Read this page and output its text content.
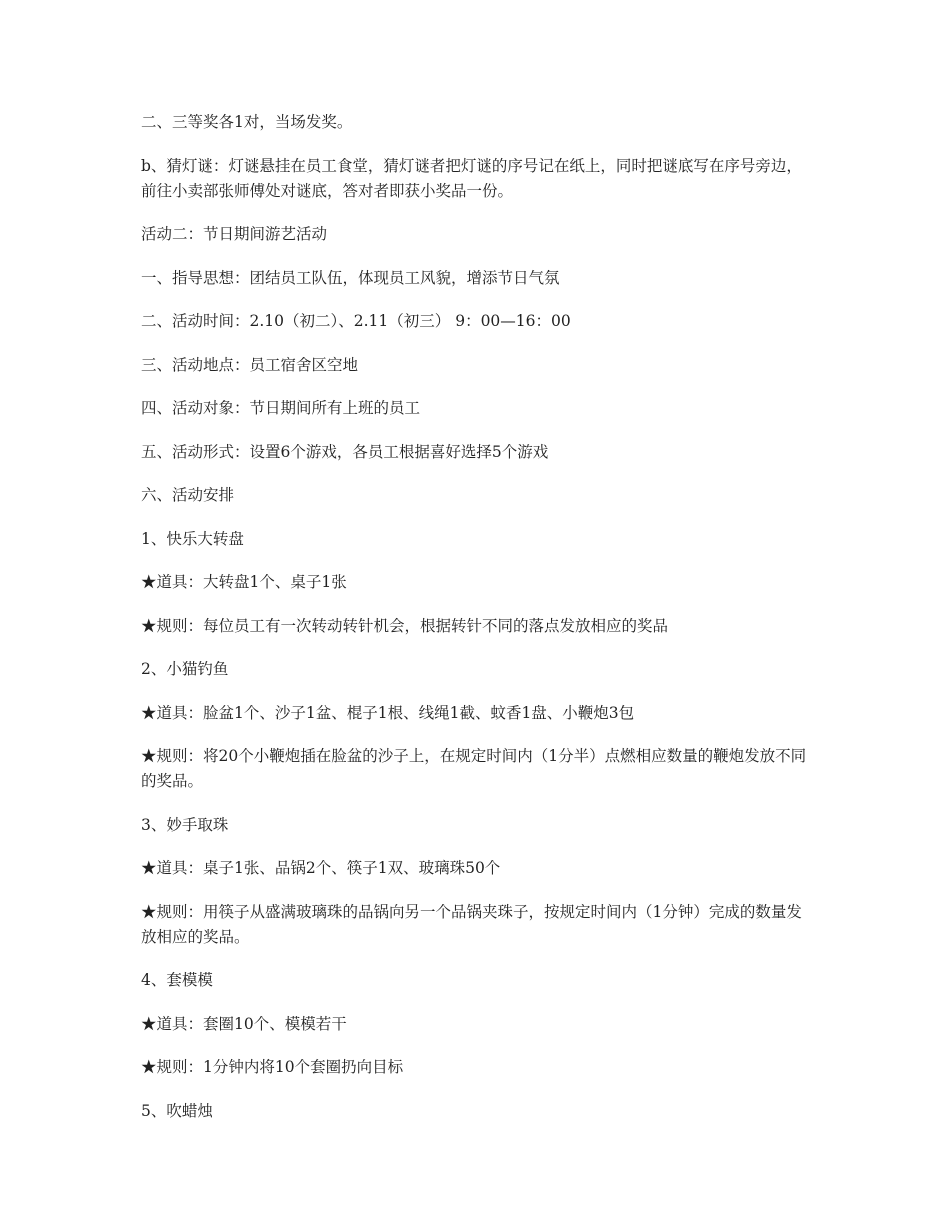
二、三等奖各1对，当场发奖。

b、猜灯谜：灯谜悬挂在员工食堂，猜灯谜者把灯谜的序号记在纸上，同时把谜底写在序号旁边，前往小卖部张师傅处对谜底，答对者即获小奖品一份。

活动二：节日期间游艺活动

一、指导思想：团结员工队伍，体现员工风貌，增添节日气氛

二、活动时间：2.10（初二）、2.11（初三） 9：00—16：00

三、活动地点：员工宿舍区空地

四、活动对象：节日期间所有上班的员工

五、活动形式：设置6个游戏，各员工根据喜好选择5个游戏

六、活动安排

1、快乐大转盘

★道具：大转盘1个、桌子1张

★规则：每位员工有一次转动转针机会，根据转针不同的落点发放相应的奖品

2、小猫钓鱼

★道具：脸盆1个、沙子1盆、棍子1根、线绳1截、蚊香1盘、小鞭炮3包

★规则：将20个小鞭炮插在脸盆的沙子上，在规定时间内（1分半）点燃相应数量的鞭炮发放不同的奖品。

3、妙手取珠

★道具：桌子1张、品锅2个、筷子1双、玻璃珠50个

★规则：用筷子从盛满玻璃珠的品锅向另一个品锅夹珠子，按规定时间内（1分钟）完成的数量发放相应的奖品。

4、套模模

★道具：套圈10个、模模若干

★规则：1分钟内将10个套圈扔向目标

5、吹蜡烛
